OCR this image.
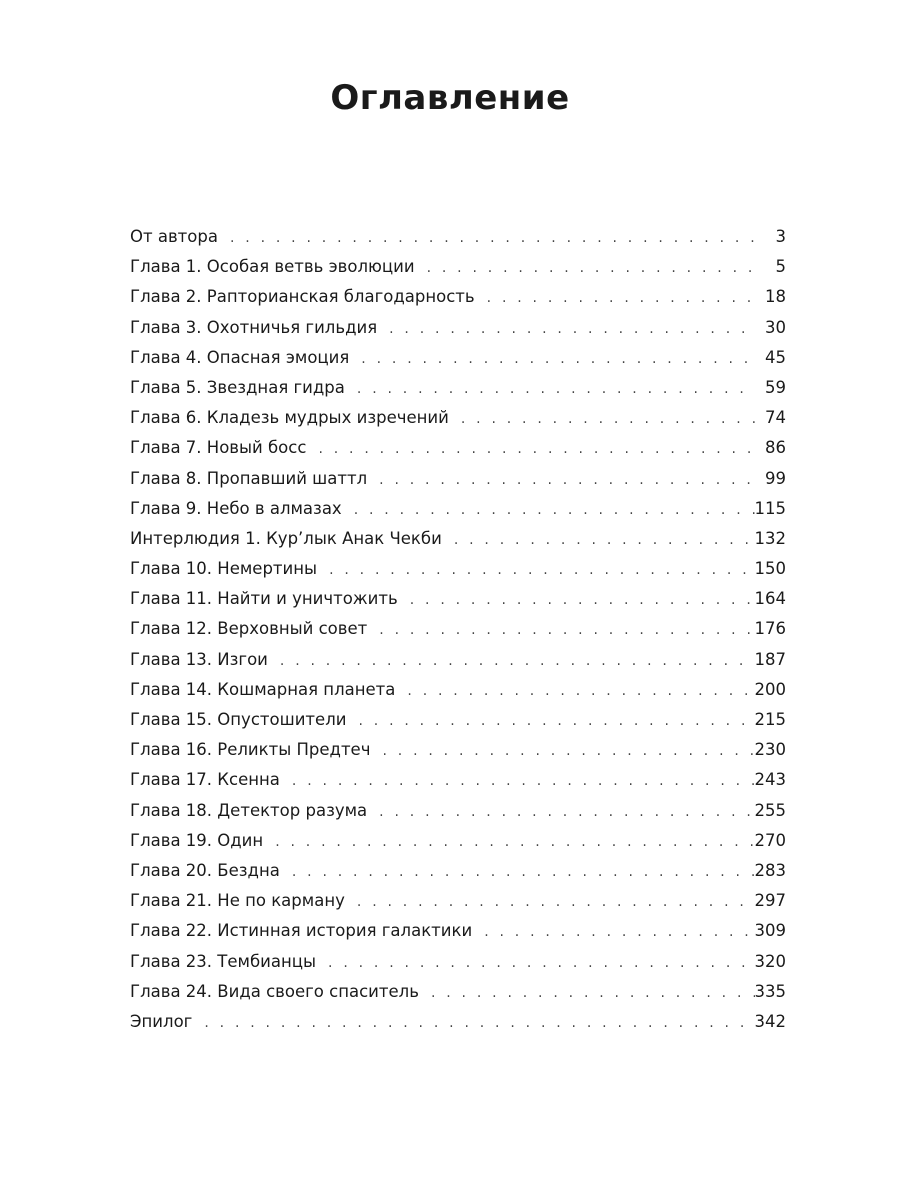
Оглавление
От автора . . .	3
Глава 1. Особая ветвь эволюции . . .	5
Глава 2. Рапторианская благодарность . . .	18
Глава 3. Охотничья гильдия . . .	30
Глава 4. Опасная эмоция . . .	45
Глава 5. Звездная гидра . . .	59
Глава 6. Кладезь мудрых изречений . . .	74
Глава 7. Новый босс . . .	86
Глава 8. Пропавший шаттл . . .	99
Глава 9. Небо в алмазах . . .	115
Интерлюдия 1. Кур’лык Анак Чекби . . .	132
Глава 10. Немертины . . .	150
Глава 11. Найти и уничтожить . . .	164
Глава 12. Верховный совет . . .	176
Глава 13. Изгои . . .	187
Глава 14. Кошмарная планета . . .	200
Глава 15. Опустошители . . .	215
Глава 16. Реликты Предтеч . . .	230
Глава 17. Ксенна . . .	243
Глава 18. Детектор разума . . .	255
Глава 19. Один . . .	270
Глава 20. Бездна . . .	283
Глава 21. Не по карману . . .	297
Глава 22. Истинная история галактики . . .	309
Глава 23. Тембианцы . . .	320
Глава 24. Вида своего спаситель . . .	335
Эпилог . . .	342
